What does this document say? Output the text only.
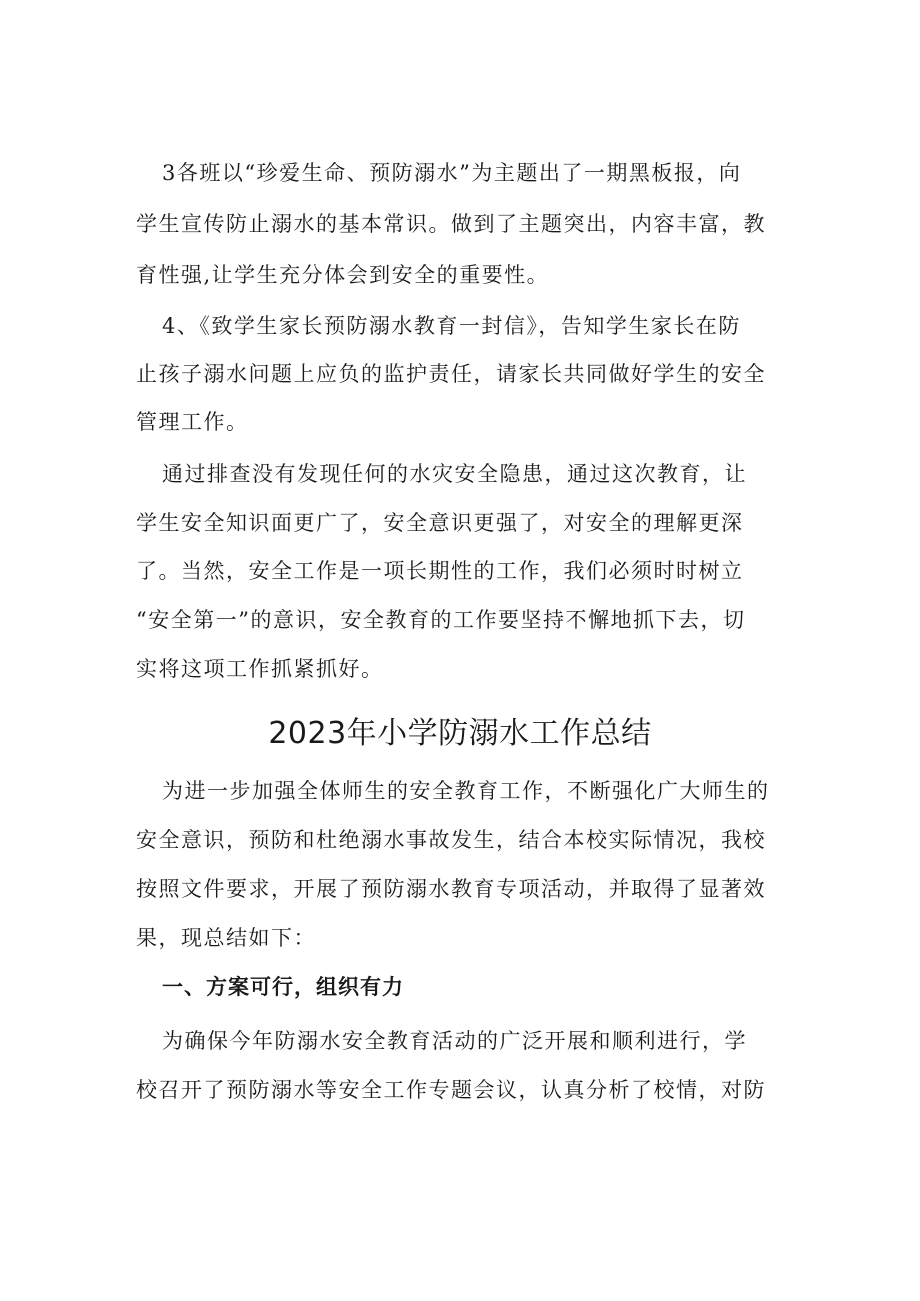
3各班以“珍爱生命、预防溺水”为主题出了一期黑板报，向
学生宣传防止溺水的基本常识。做到了主题突出，内容丰富，教
育性强,让学生充分体会到安全的重要性。
4、《致学生家长预防溺水教育一封信》，告知学生家长在防
止孩子溺水问题上应负的监护责任，请家长共同做好学生的安全
管理工作。
通过排查没有发现任何的水灾安全隐患，通过这次教育，让
学生安全知识面更广了，安全意识更强了，对安全的理解更深
了。当然，安全工作是一项长期性的工作，我们必须时时树立
“安全第一”的意识，安全教育的工作要坚持不懈地抓下去，切
实将这项工作抓紧抓好。
2023年小学防溺水工作总结
为进一步加强全体师生的安全教育工作，不断强化广大师生的
安全意识，预防和杜绝溺水事故发生，结合本校实际情况，我校
按照文件要求，开展了预防溺水教育专项活动，并取得了显著效
果，现总结如下：
一、方案可行，组织有力
为确保今年防溺水安全教育活动的广泛开展和顺利进行，学
校召开了预防溺水等安全工作专题会议，认真分析了校情，对防
